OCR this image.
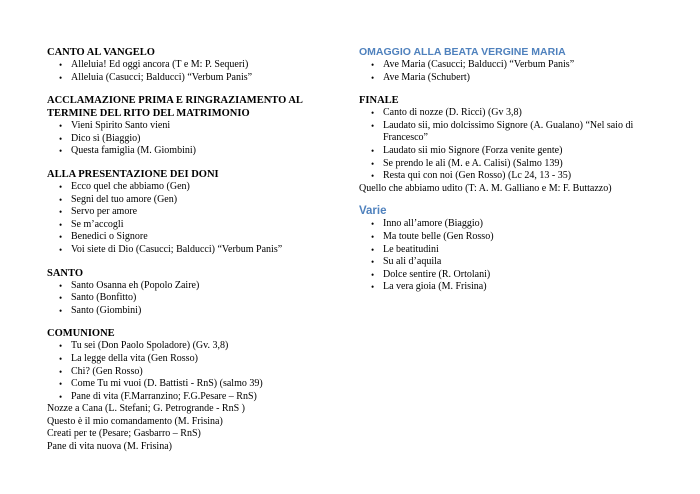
CANTO AL VANGELO

• Alleluia! Ed oggi ancora (T e M: P. Sequeri)
• Alleluia (Casucci; Balducci) “Verbum Panis”

ACCLAMAZIONE PRIMA E RINGRAZIAMENTO AL

TERMINE DEL RITO DEL MATRIMONIO

• Vieni Spirito Santo vieni
• Dico sì (Biaggio)
• Questa famiglia (M. Giombini)

ALLA PRESENTAZIONE DEI DONI

• Ecco quel che abbiamo (Gen)
• Segni del tuo amore (Gen)
• Servo per amore
• Se m’accogli
• Benedici o Signore
• Voi siete di Dio (Casucci; Balducci) “Verbum Panis”

SANTO

• Santo Osanna eh (Popolo Zaire)
• Santo (Bonfitto)
• Santo (Giombini)

COMUNIONE

• Tu sei (Don Paolo Spoladore) (Gv. 3,8)
• La legge della vita (Gen Rosso)
• Chi? (Gen Rosso)
• Come Tu mi vuoi (D. Battisti - RnS) (salmo 39)
• Pane di vita (F.Marranzino; F.G.Pesare – RnS)
Nozze a Cana (L. Stefani; G. Petrogrande - RnS )
Questo è il mio comandamento (M. Frisina)
Creati per te (Pesare; Gasbarro – RnS)
Pane di vita nuova (M. Frisina)

OMAGGIO ALLA BEATA VERGINE MARIA

• Ave Maria (Casucci; Balducci) “Verbum Panis”
• Ave Maria (Schubert)

FINALE

• Canto di nozze (D. Ricci) (Gv 3,8)
• Laudato sii, mio dolcissimo Signore (A. Gualano) “Nel saio di
Francesco”
• Laudato sii mio Signore (Forza venite gente)
• Se prendo le ali (M. e A. Calisi) (Salmo 139)
• Resta qui con noi (Gen Rosso) (Lc 24, 13 - 35)
Quello che abbiamo udito (T: A. M. Galliano e M: F. Buttazzo)

Varie

• Inno all’amore (Biaggio)
• Ma toute belle (Gen Rosso)
• Le beatitudini
• Su ali d’aquila
• Dolce sentire (R. Ortolani)
• La vera gioia (M. Frisina)
